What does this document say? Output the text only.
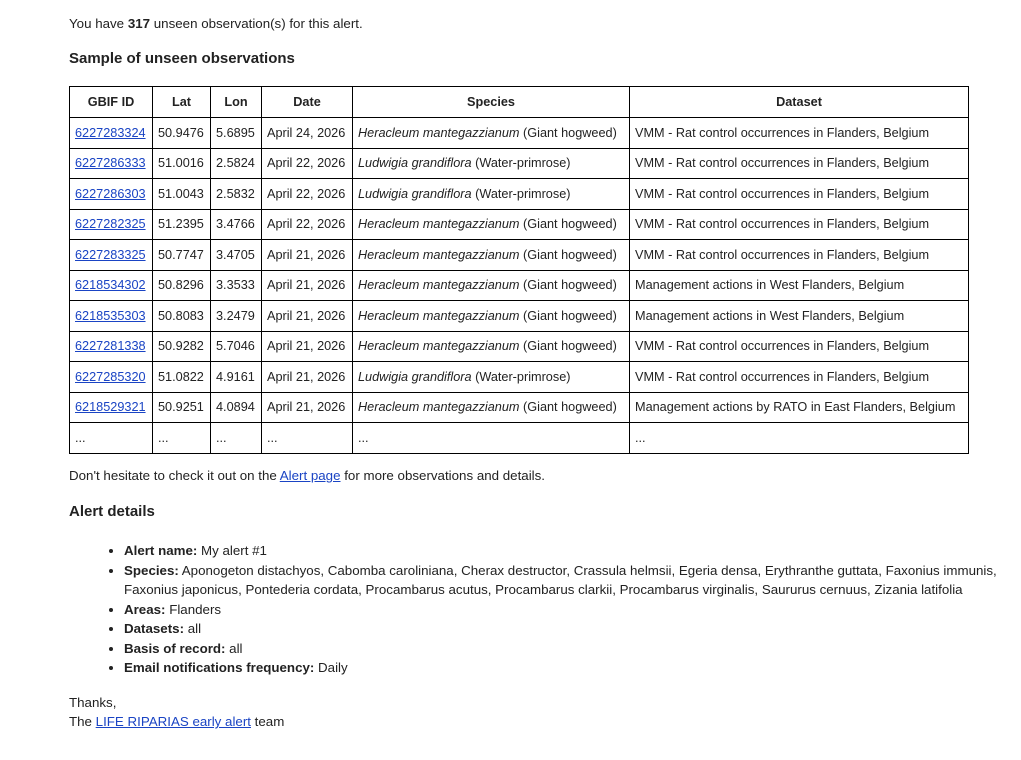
You have 317 unseen observation(s) for this alert.

Sample of unseen observations
GBIF ID	Lat	Lon	Date	Species	Dataset
6227283324	50.9476	5.6895	April 24, 2026	Heracleum mantegazzianum (Giant hogweed)	VMM - Rat control occurrences in Flanders, Belgium
6227286333	51.0016	2.5824	April 22, 2026	Ludwigia grandiflora (Water-primrose)	VMM - Rat control occurrences in Flanders, Belgium
6227286303	51.0043	2.5832	April 22, 2026	Ludwigia grandiflora (Water-primrose)	VMM - Rat control occurrences in Flanders, Belgium
6227282325	51.2395	3.4766	April 22, 2026	Heracleum mantegazzianum (Giant hogweed)	VMM - Rat control occurrences in Flanders, Belgium
6227283325	50.7747	3.4705	April 21, 2026	Heracleum mantegazzianum (Giant hogweed)	VMM - Rat control occurrences in Flanders, Belgium
6218534302	50.8296	3.3533	April 21, 2026	Heracleum mantegazzianum (Giant hogweed)	Management actions in West Flanders, Belgium
6218535303	50.8083	3.2479	April 21, 2026	Heracleum mantegazzianum (Giant hogweed)	Management actions in West Flanders, Belgium
6227281338	50.9282	5.7046	April 21, 2026	Heracleum mantegazzianum (Giant hogweed)	VMM - Rat control occurrences in Flanders, Belgium
6227285320	51.0822	4.9161	April 21, 2026	Ludwigia grandiflora (Water-primrose)	VMM - Rat control occurrences in Flanders, Belgium
6218529321	50.9251	4.0894	April 21, 2026	Heracleum mantegazzianum (Giant hogweed)	Management actions by RATO in East Flanders, Belgium
...	...	...	...	...	...

Don't hesitate to check it out on the Alert page for more observations and details.

Alert details
• Alert name: My alert #1
• Species: Aponogeton distachyos, Cabomba caroliniana, Cherax destructor, Crassula helmsii, Egeria densa, Erythranthe guttata, Faxonius immunis, Faxonius japonicus, Pontederia cordata, Procambarus acutus, Procambarus clarkii, Procambarus virginalis, Saururus cernuus, Zizania latifolia
• Areas: Flanders
• Datasets: all
• Basis of record: all
• Email notifications frequency: Daily

Thanks,
The LIFE RIPARIAS early alert team
